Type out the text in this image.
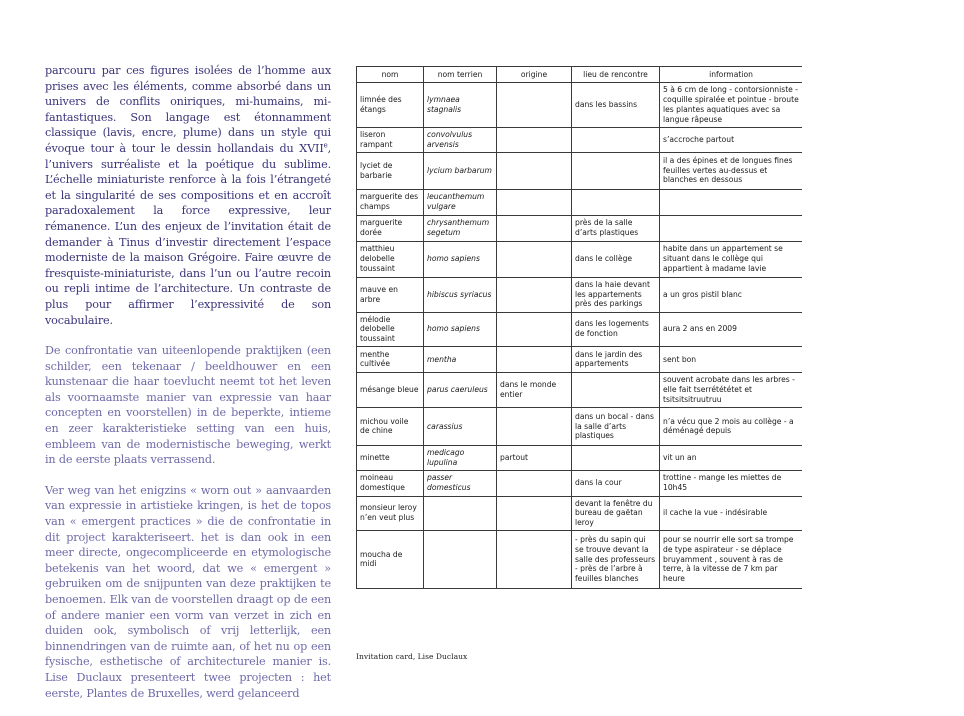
parcouru par ces figures isolées de l’homme aux prises avec les éléments, comme absorbé dans un univers de conflits oniriques, mi-humains, mi-fantastiques. Son langage est étonnamment classique (lavis, encre, plume) dans un style qui évoque tour à tour le dessin hollandais du XVIIe, l’univers surréaliste et la poétique du sublime. L’échelle miniaturiste renforce à la fois l’étrangeté et la singularité de ses compositions et en accroît paradoxalement la force expressive, leur rémanence. L’un des enjeux de l’invitation était de demander à Tinus d’investir directement l’espace moderniste de la maison Grégoire. Faire œuvre de fresquiste-miniaturiste, dans l’un ou l’autre recoin ou repli intime de l’architecture. Un contraste de plus pour affirmer l’expressivité de son vocabulaire.

De confrontatie van uiteenlopende praktijken (een schilder, een tekenaar / beeldhouwer en een kunstenaar die haar toevlucht neemt tot het leven als voornaamste manier van expressie van haar concepten en voorstellen) in de beperkte, intieme en zeer karakteristieke setting van een huis, embleem van de modernistische beweging, werkt in de eerste plaats verrassend.

Ver weg van het enigzins « worn out » aanvaarden van expressie in artistieke kringen, is het de topos van « emergent practices » die de confrontatie in dit project karakteriseert. het is dan ook in een meer directe, ongecompliceerde en etymologische betekenis van het woord, dat we « emergent » gebruiken om de snijpunten van deze praktijken te benoemen. Elk van de voorstellen draagt op de een of andere manier een vorm van verzet in zich en duiden ook, symbolisch of vrij letterlijk, een binnendringen van de ruimte aan, of het nu op een fysische, esthetische of architecturele manier is. Lise Duclaux presenteert twee projecten : het eerste, Plantes de Bruxelles, werd gelanceerd

nom	nom terrien	origine	lieu de rencontre	information
limnée des étangs	lymnaea stagnalis		dans les bassins	5 à 6 cm de long - contorsionniste - coquille spiralée et pointue - broute les plantes aquatiques avec sa langue râpeuse
liseron rampant	convolvulus arvensis			s’accroche partout
lyciet de barbarie	lycium barbarum			il a des épines et de longues fines feuilles vertes au-dessus et blanches en dessous
marguerite des champs	leucanthemum vulgare			
marguerite dorée	chrysanthemum segetum		près de la salle d’arts plastiques	
matthieu delobelle toussaint	homo sapiens		dans le collège	habite dans un appartement se situant dans le collège qui appartient à madame lavie
mauve en arbre	hibiscus syriacus		dans la haie devant les appartements près des parkings	a un gros pistil blanc
mélodie delobelle toussaint	homo sapiens		dans les logements de fonction	aura 2 ans en 2009
menthe cultivée	mentha		dans le jardin des appartements	sent bon
mésange bleue	parus caeruleus	dans le monde entier		souvent acrobate dans les arbres - elle fait tserrétététet et tsitsitsitruutruu
michou voile de chine	carassius		dans un bocal - dans la salle d’arts plastiques	n’a vécu que 2 mois au collège - a déménagé depuis
minette	medicago lupulina	partout		vit un an
moineau domestique	passer domesticus		dans la cour	trottine - mange les miettes de 10h45
monsieur leroy n’en veut plus			devant la fenêtre du bureau de gaëtan leroy	il cache la vue - indésirable
moucha de midi			- près du sapin qui se trouve devant la salle des professeurs - près de l’arbre à feuilles blanches	pour se nourrir elle sort sa trompe de type aspirateur - se déplace bruyamment , souvent à ras de terre, à la vitesse de 7 km par heure
Invitation card, Lise Duclaux
